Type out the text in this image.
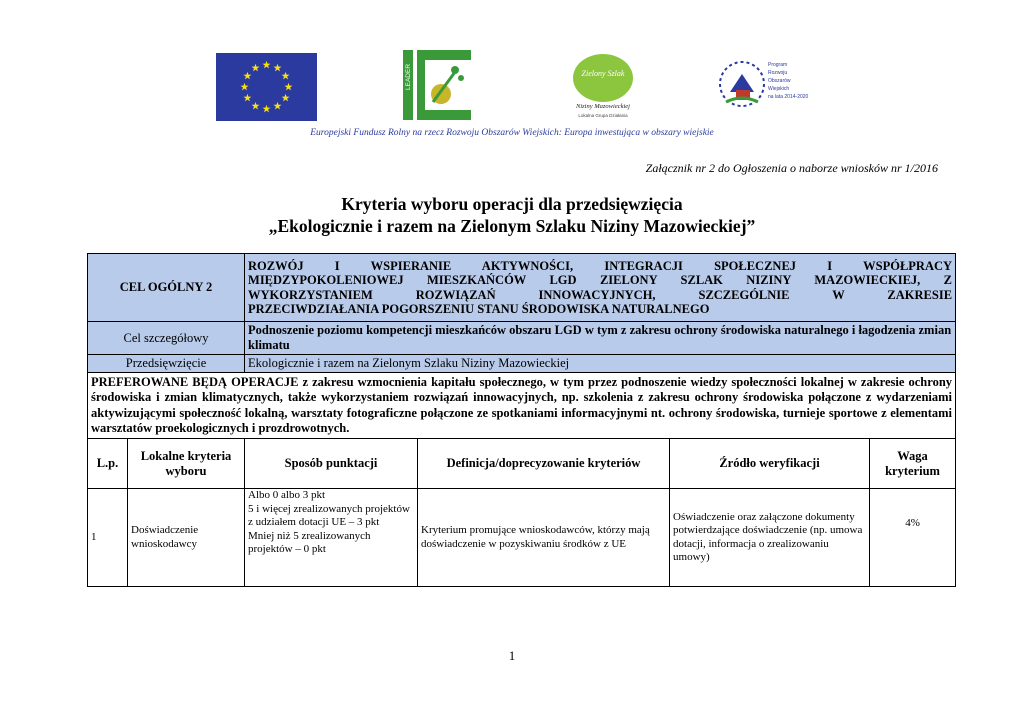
LEADER	Zielony Szlak
Niziny Mazowieckiej
Lokalna Grupa Działania
Program
Rozwoju
Obszarów
Wiejskich
na lata 2014-2020
Europejski Fundusz Rolny na rzecz Rozwoju Obszarów Wiejskich: Europa inwestująca w obszary wiejskie
Załącznik nr 2 do Ogłoszenia o naborze wniosków nr 1/2016
Kryteria wyboru operacji dla przedsięwzięcia
„Ekologicznie i razem na Zielonym Szlaku Niziny Mazowieckiej”
CEL OGÓLNY 2		ROZWÓJ I WSPIERANIE AKTYWNOŚCI, INTEGRACJI SPOŁECZNEJ I WSPÓŁPRACY
MIĘDZYPOKOLENIOWEJ MIESZKAŃCÓW LGD ZIELONY SZLAK NIZINY MAZOWIECKIEJ, Z
WYKORZYSTANIEM ROZWIĄZAŃ INNOWACYJNYCH, SZCZEGÓLNIE W ZAKRESIE
PRZECIWDZIAŁANIA POGORSZENIU STANU ŚRODOWISKA NATURALNEGO			

Cel szczegółowy		Podnoszenie poziomu kompetencji mieszkańców obszaru LGD w tym z zakresu ochrony środowiska naturalnego i łagodzenia zmian klimatu			
Przedsięwzięcie		Ekologicznie i razem na Zielonym Szlaku Niziny Mazowieckiej			
PREFEROWANE BĘDĄ OPERACJE z zakresu wzmocnienia kapitału społecznego, w tym przez podnoszenie wiedzy społeczności lokalnej w zakresie ochrony środowiska i zmian klimatycznych, także wykorzystaniem rozwiązań innowacyjnych, np. szkolenia z zakresu ochrony środowiska połączone z wydarzeniami aktywizującymi społeczność lokalną, warsztaty fotograficzne połączone ze spotkaniami informacyjnymi nt. ochrony środowiska, turnieje sportowe z elementami warsztatów proekologicznych i prozdrowotnych.					
L.p.	Lokalne kryteria wyboru	Sposób punktacji	Definicja/doprecyzowanie kryteriów	Źródło weryfikacji	Waga kryterium
1	Doświadczenie wnioskodawcy	Albo 0 albo 3 pkt
5 i więcej zrealizowanych projektów z udziałem dotacji UE – 3 pkt
Mniej niż 5 zrealizowanych projektów – 0 pkt	Kryterium promujące wnioskodawców, którzy mają doświadczenie w pozyskiwaniu środków z UE	Oświadczenie oraz załączone dokumenty potwierdzające doświadczenie (np. umowa dotacji, informacja o zrealizowaniu umowy)	4%
1
